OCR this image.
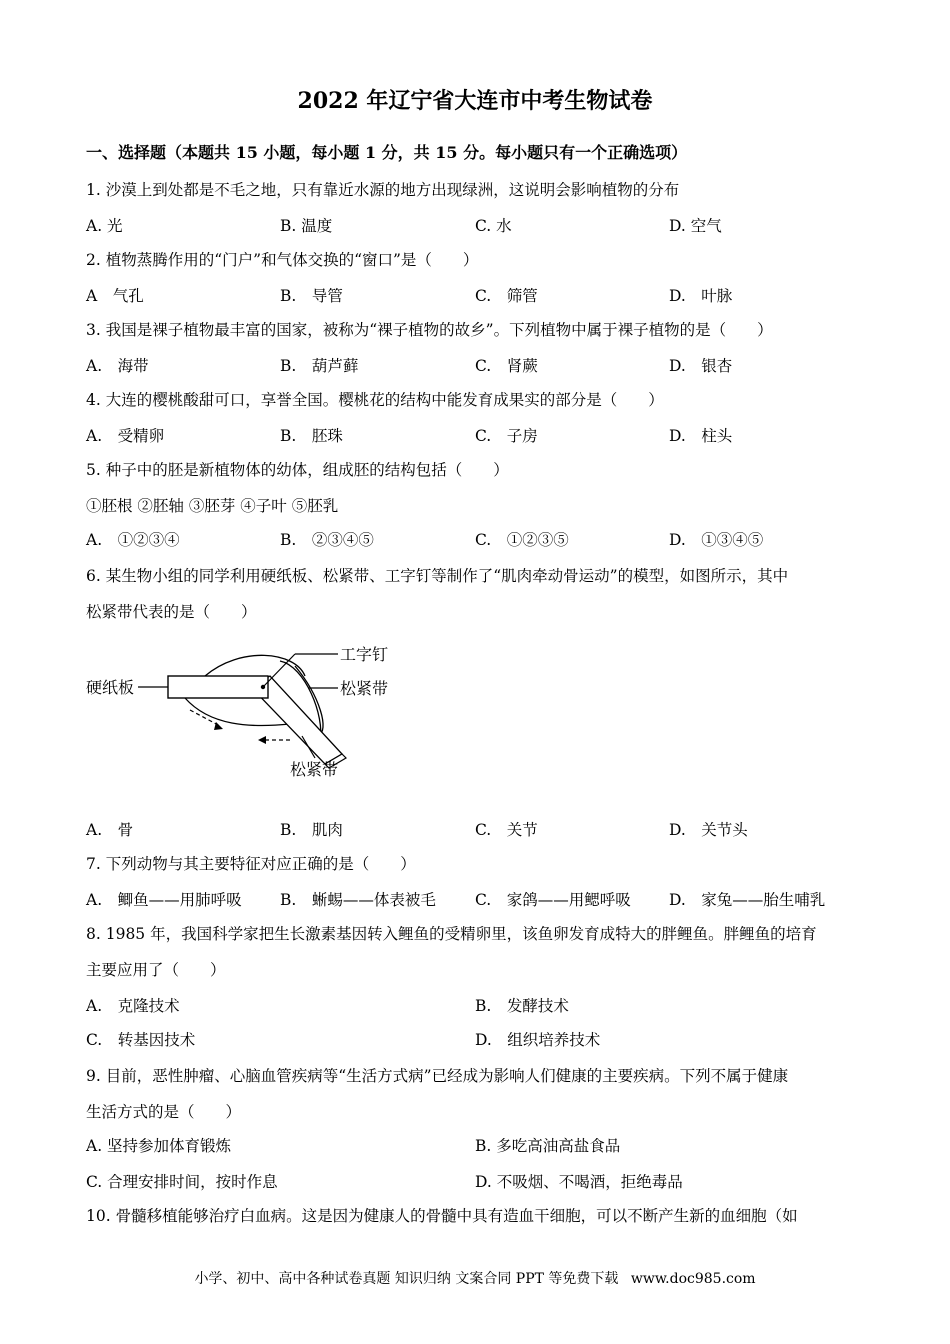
2022 年辽宁省大连市中考生物试卷
一、选择题（本题共 15 小题，每小题 1 分，共 15 分。每小题只有一个正确选项）
1. 沙漠上到处都是不毛之地，只有靠近水源的地方出现绿洲，这说明会影响植物的分布
A. 光	B. 温度	C. 水	D. 空气
2. 植物蒸腾作用的“门户”和气体交换的“窗口”是（　　）
A　气孔	B.　导管	C.　筛管	D.　叶脉
3. 我国是裸子植物最丰富的国家，被称为“裸子植物的故乡”。下列植物中属于裸子植物的是（　　）
A.　海带	B.　葫芦藓	C.　肾蕨	D.　银杏
4. 大连的樱桃酸甜可口，享誉全国。樱桃花的结构中能发育成果实的部分是（　　）
A.　受精卵	B.　胚珠	C.　子房	D.　柱头
5. 种子中的胚是新植物体的幼体，组成胚的结构包括（　　）
①胚根 ②胚轴 ③胚芽 ④子叶 ⑤胚乳
A.　①②③④	B.　②③④⑤	C.　①②③⑤	D.　①③④⑤
6. 某生物小组的同学利用硬纸板、松紧带、工字钉等制作了“肌肉牵动骨运动”的模型，如图所示，其中
松紧带代表的是（　　）
硬纸板
工字钉
松紧带
松紧带
A.　骨	B.　肌肉	C.　关节	D.　关节头
7. 下列动物与其主要特征对应正确的是（　　）
A.　鲫鱼——用肺呼吸 B.　蜥蜴——体表被毛	C.　家鸽——用鳃呼吸 D.　家兔——胎生哺乳
8. 1985 年，我国科学家把生长激素基因转入鲤鱼的受精卵里，该鱼卵发育成特大的胖鲤鱼。胖鲤鱼的培育
主要应用了（　　）
A.　克隆技术	B.　发酵技术
C.　转基因技术	D.　组织培养技术
9. 目前，恶性肿瘤、心脑血管疾病等“生活方式病”已经成为影响人们健康的主要疾病。下列不属于健康
生活方式的是（　　）
A. 坚持参加体育锻炼	B. 多吃高油高盐食品
C. 合理安排时间，按时作息	D. 不吸烟、不喝酒，拒绝毒品
10. 骨髓移植能够治疗白血病。这是因为健康人的骨髓中具有造血干细胞，可以不断产生新的血细胞（如
小学、初中、高中各种试卷真题 知识归纳 文案合同 PPT 等免费下载 www.doc985.com
